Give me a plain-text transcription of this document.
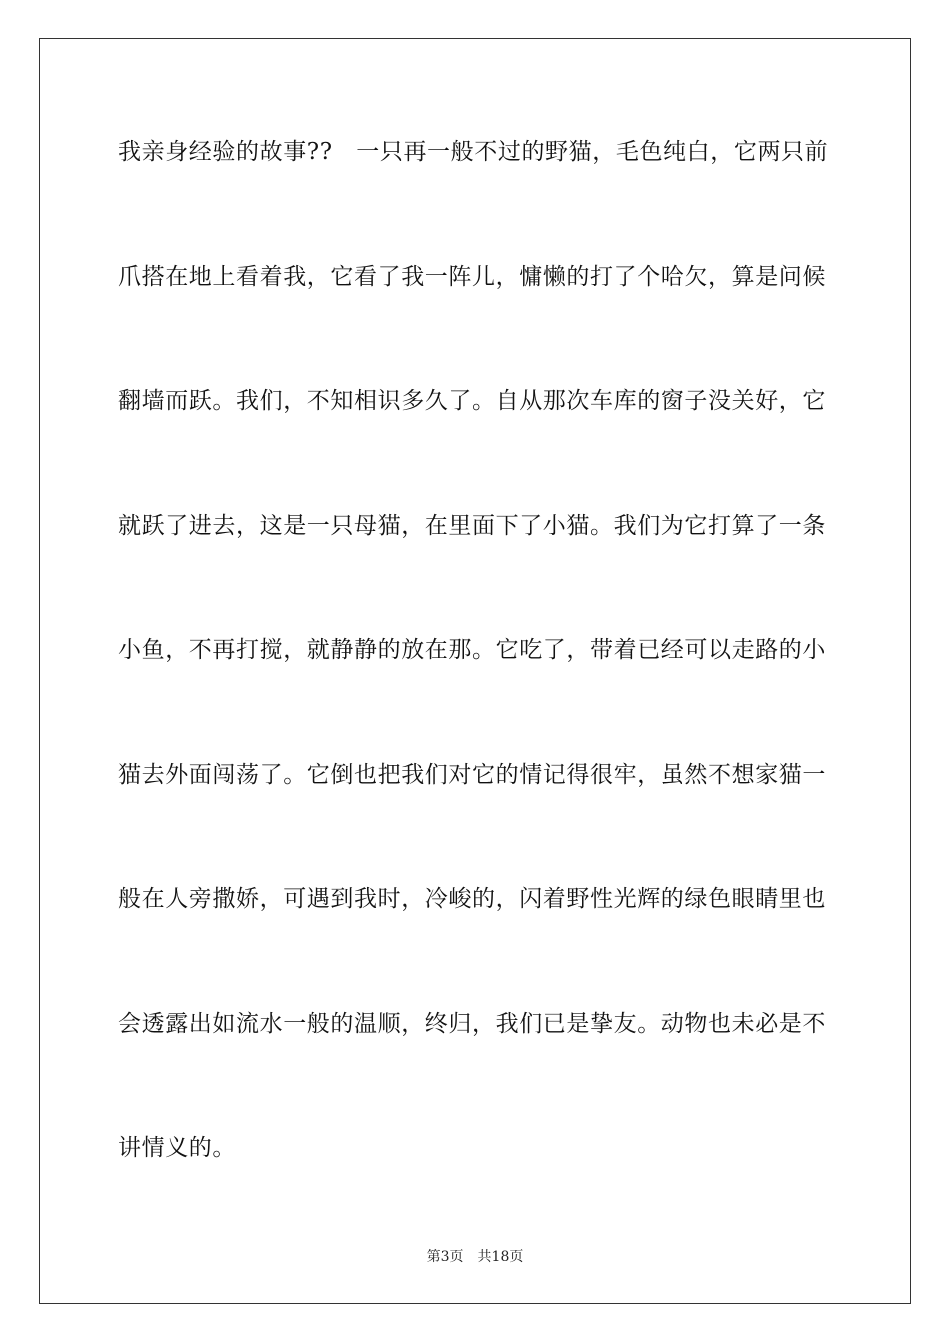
我亲身经验的故事??　一只再一般不过的野猫，毛色纯白，它两只前
爪搭在地上看着我，它看了我一阵儿，慵懒的打了个哈欠，算是问候
翻墙而跃。我们，不知相识多久了。自从那次车库的窗子没关好，它
就跃了进去，这是一只母猫，在里面下了小猫。我们为它打算了一条
小鱼，不再打搅，就静静的放在那。它吃了，带着已经可以走路的小
猫去外面闯荡了。它倒也把我们对它的情记得很牢，虽然不想家猫一
般在人旁撒娇，可遇到我时，冷峻的，闪着野性光辉的绿色眼睛里也
会透露出如流水一般的温顺，终归，我们已是挚友。动物也未必是不
讲情义的。
第3页 共18页
